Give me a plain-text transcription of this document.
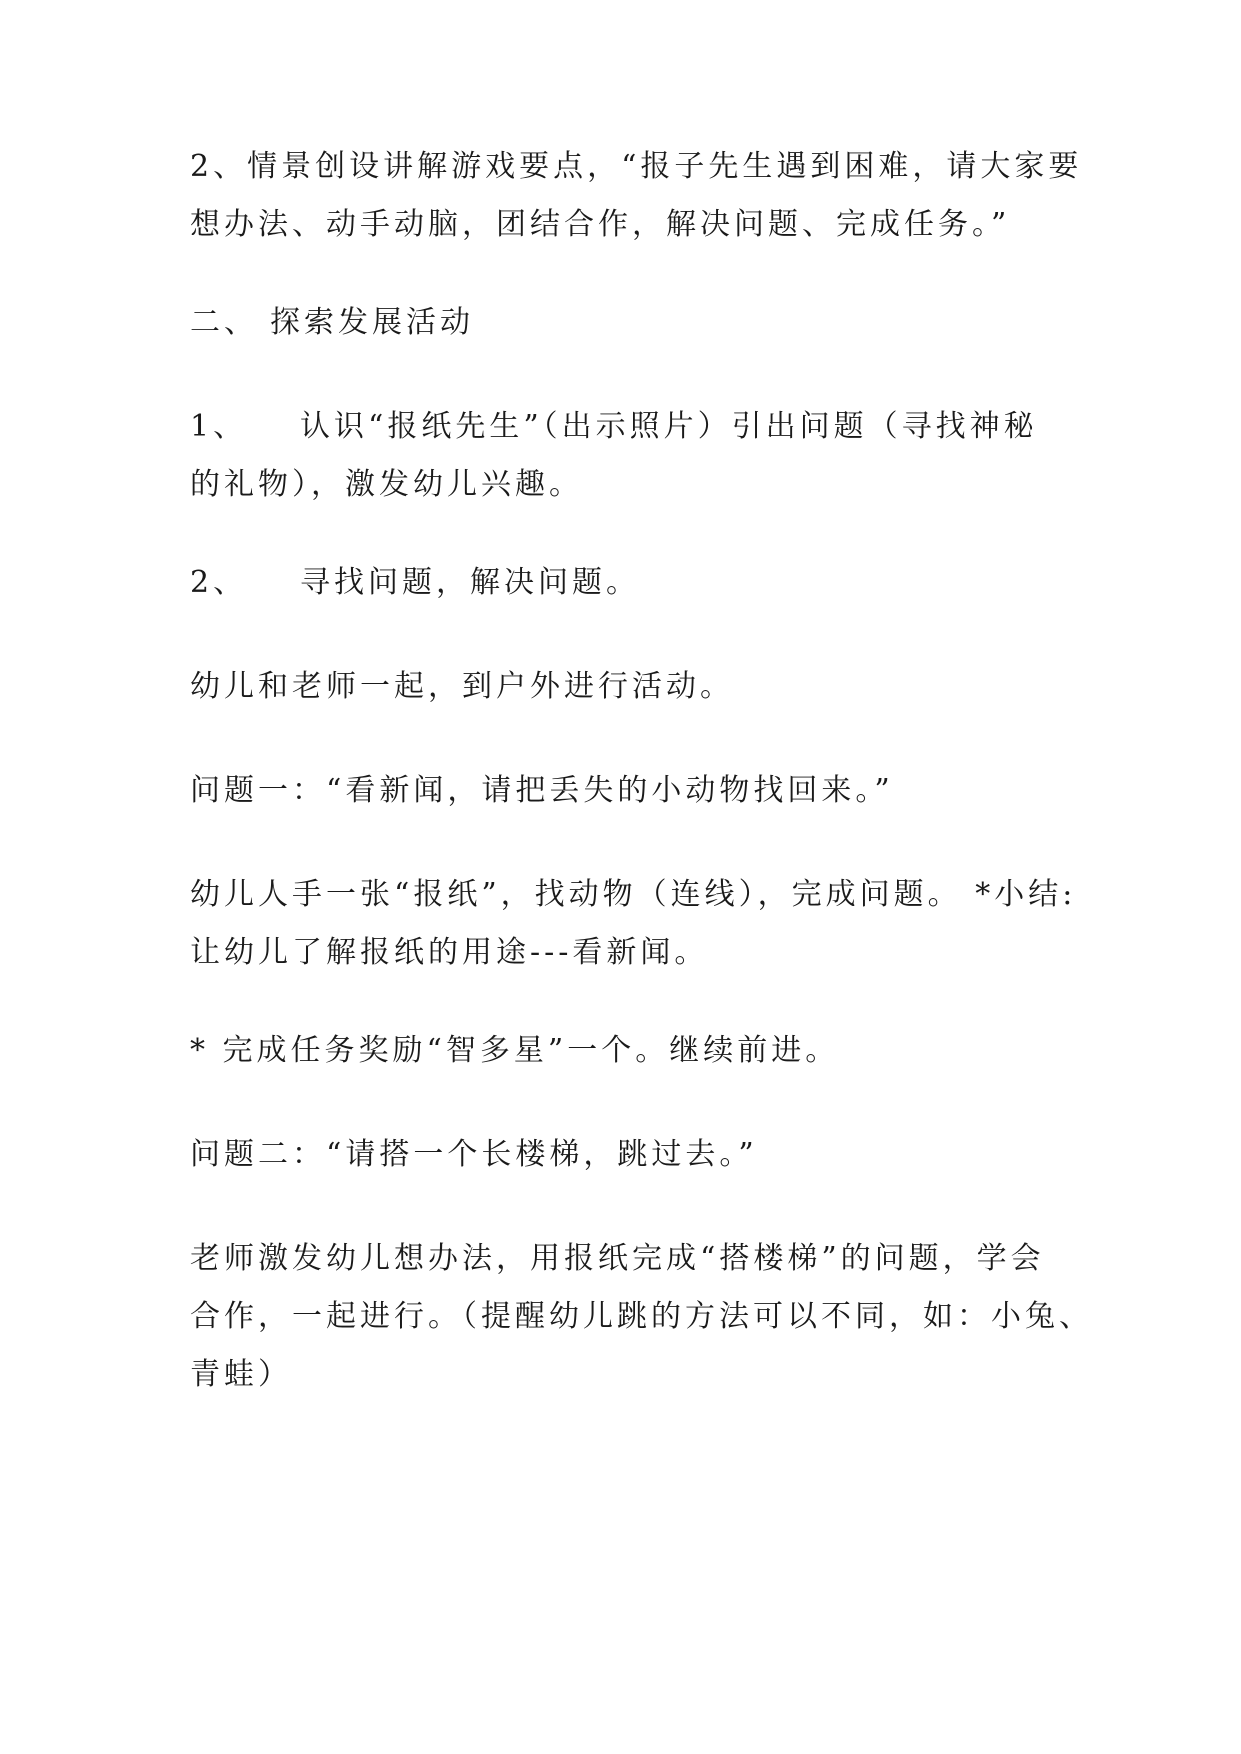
2、情景创设讲解游戏要点，“报子先生遇到困难，请大家要
想办法、动手动脑，团结合作，解决问题、完成任务。”

二、 探索发展活动

1、 认识“报纸先生”（出示照片）引出问题（寻找神秘
的礼物），激发幼儿兴趣。

2、 寻找问题，解决问题。

幼儿和老师一起，到户外进行活动。

问题一：“看新闻，请把丢失的小动物找回来。”

幼儿人手一张“报纸”，找动物（连线），完成问题。 *小结:
让幼儿了解报纸的用途---看新闻。

* 完成任务奖励“智多星”一个。继续前进。

问题二：“请搭一个长楼梯，跳过去。”

老师激发幼儿想办法，用报纸完成“搭楼梯”的问题，学会
合作，一起进行。（提醒幼儿跳的方法可以不同，如：小兔、
青蛙）
